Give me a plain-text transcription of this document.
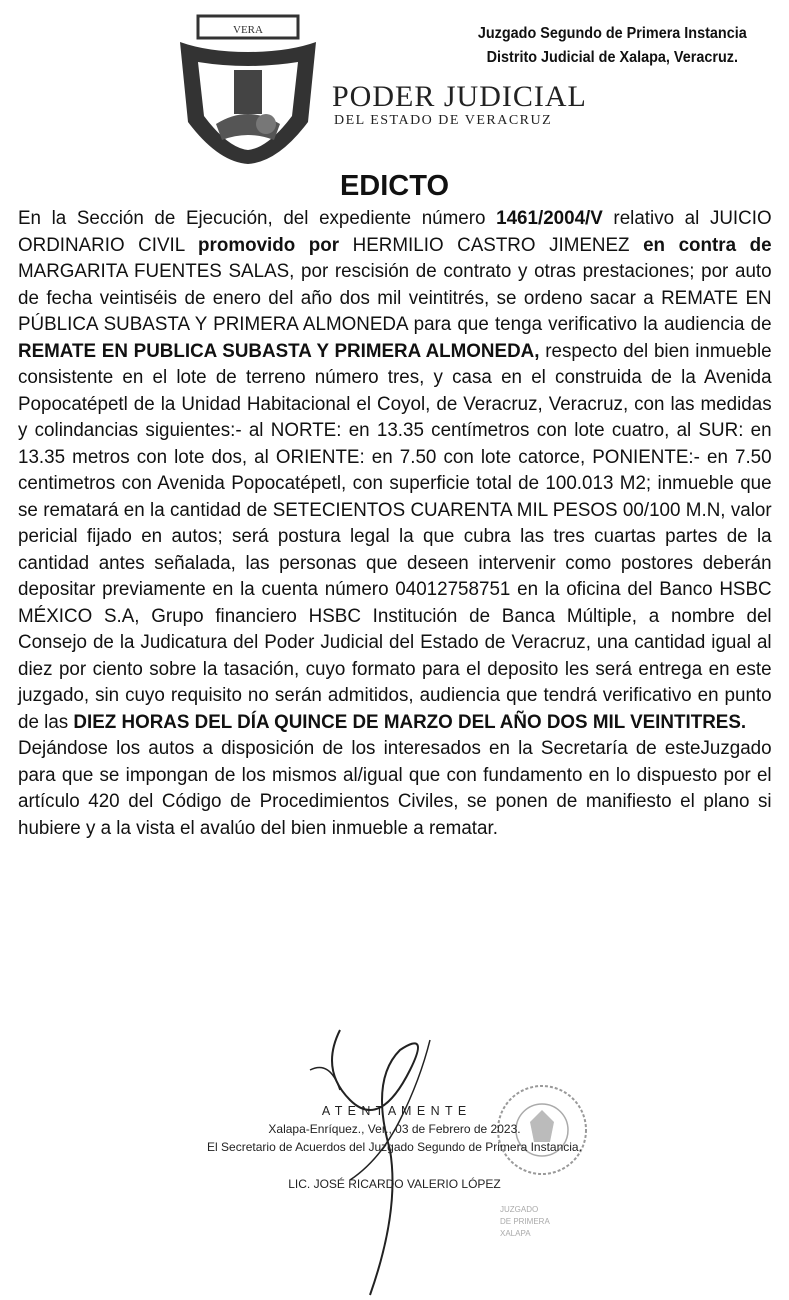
VERA
PODER JUDICIAL
DEL ESTADO DE VERACRUZ
Juzgado Segundo de Primera Instancia
Distrito Judicial de Xalapa, Veracruz.
EDICTO

En la Sección de Ejecución, del expediente número 1461/2004/V relativo al JUICIO ORDINARIO CIVIL promovido por HERMILIO CASTRO JIMENEZ en contra de MARGARITA FUENTES SALAS, por rescisión de contrato y otras prestaciones; por auto de fecha veintiséis de enero del año dos mil veintitrés, se ordeno sacar a REMATE EN PÚBLICA SUBASTA Y PRIMERA ALMONEDA para que tenga verificativo la audiencia de REMATE EN PUBLICA SUBASTA Y PRIMERA ALMONEDA, respecto del bien inmueble consistente en el lote de terreno número tres, y casa en el construida de la Avenida Popocatépetl de la Unidad Habitacional el Coyol, de Veracruz, Veracruz, con las medidas y colindancias siguientes:- al NORTE: en 13.35 centímetros con lote cuatro, al SUR: en 13.35 metros con lote dos, al ORIENTE: en 7.50 con lote catorce, PONIENTE:- en 7.50 centimetros con Avenida Popocatépetl, con superficie total de 100.013 M2; inmueble que se rematará en la cantidad de SETECIENTOS CUARENTA MIL PESOS 00/100 M.N, valor pericial fijado en autos; será postura legal la que cubra las tres cuartas partes de la cantidad antes señalada, las personas que deseen intervenir como postores deberán depositar previamente en la cuenta número 04012758751 en la oficina del Banco HSBC MÉXICO S.A, Grupo financiero HSBC Institución de Banca Múltiple, a nombre del Consejo de la Judicatura del Poder Judicial del Estado de Veracruz, una cantidad igual al diez por ciento sobre la tasación, cuyo formato para el deposito les será entrega en este juzgado, sin cuyo requisito no serán admitidos, audiencia que tendrá verificativo en punto de las DIEZ HORAS DEL DÍA QUINCE DE MARZO DEL AÑO DOS MIL VEINTITRES.

Dejándose los autos a disposición de los interesados en la Secretaría de esteJuzgado para que se impongan de los mismos al/igual que con fundamento en lo dispuesto por el artículo 420 del Código de Procedimientos Civiles, se ponen de manifiesto el plano si hubiere y a la vista el avalúo del bien inmueble a rematar.

JUZGADO
DE PRIMERA
XALAPA
A T E N T A M E N T E
Xalapa-Enríquez., Ver., 03 de Febrero de 2023.
El Secretario de Acuerdos del Juzgado Segundo de Primera Instancia.
LIC. JOSÉ RICARDO VALERIO LÓPEZ
